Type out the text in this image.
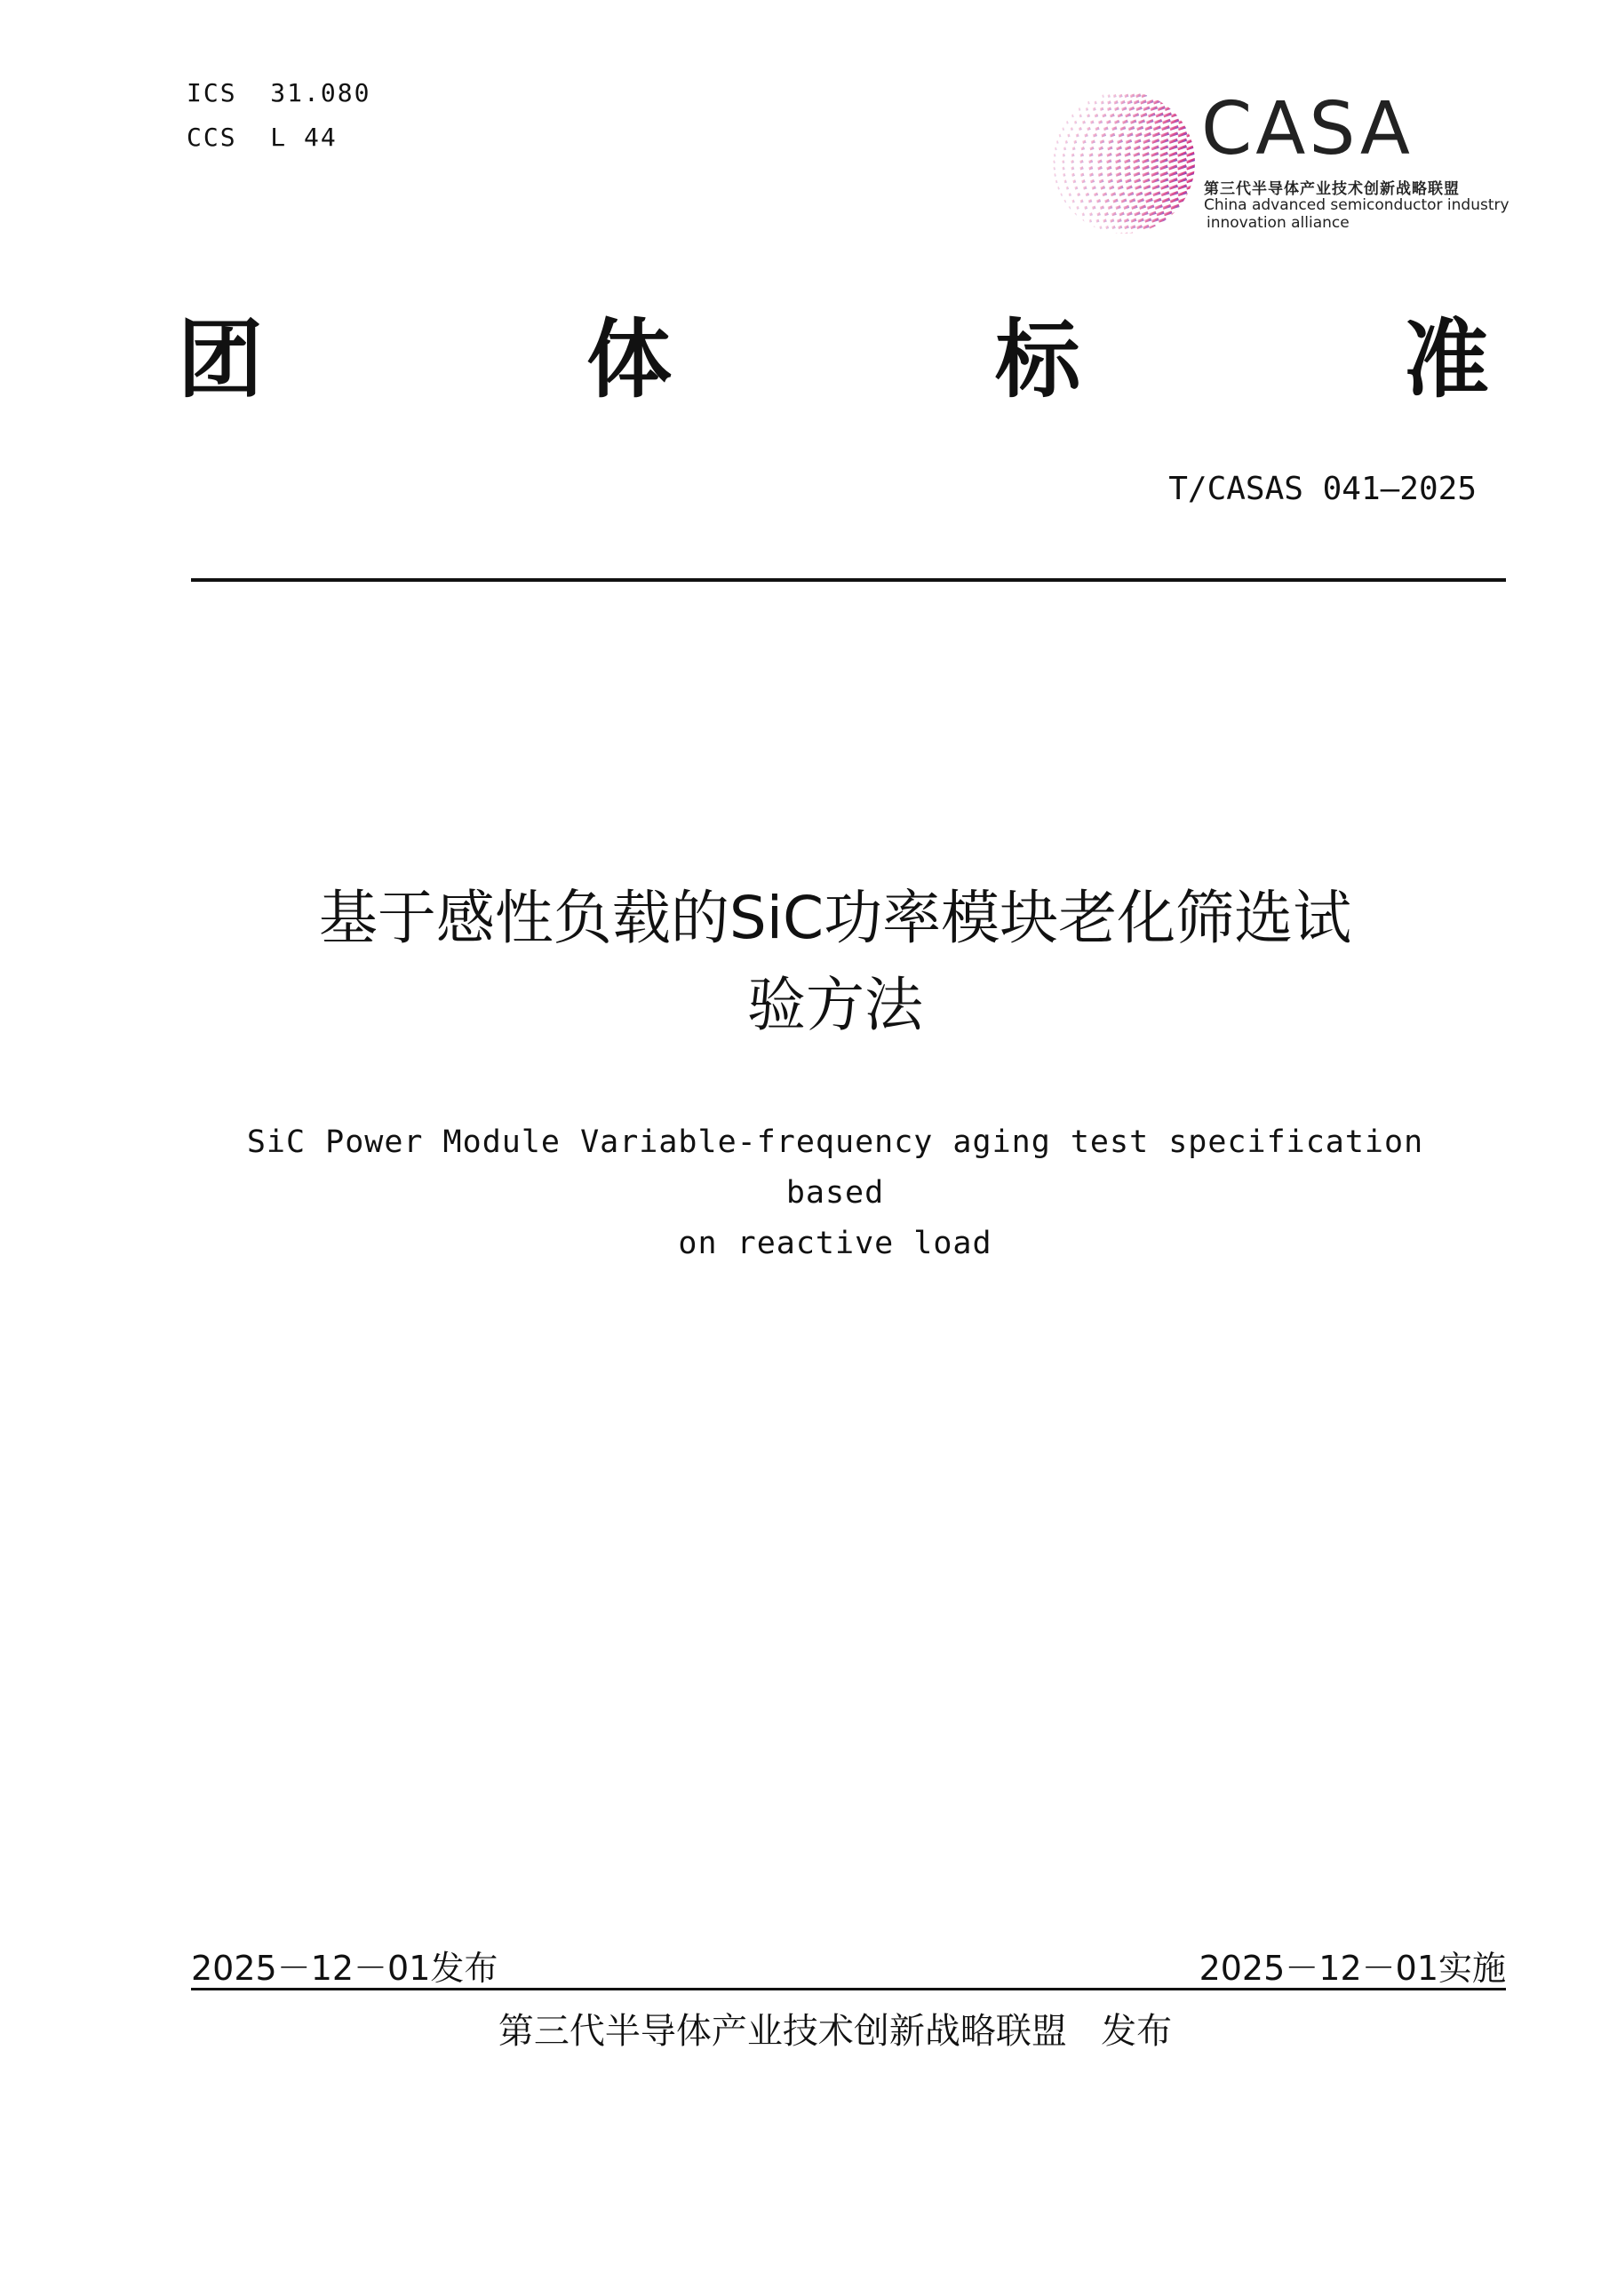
ICS  31.080
CCS  L 44	CASA
第三代半导体产业技术创新战略联盟
China advanced semiconductor industry
innovation alliance
团	体	标	准
T/CASAS 041—2025
基于感性负载的SiC功率模块老化筛选试
验方法
SiC Power Module Variable-frequency aging test specification based
on reactive load
2025－12－01发布	2025－12－01实施
第三代半导体产业技术创新战略联盟   发布
